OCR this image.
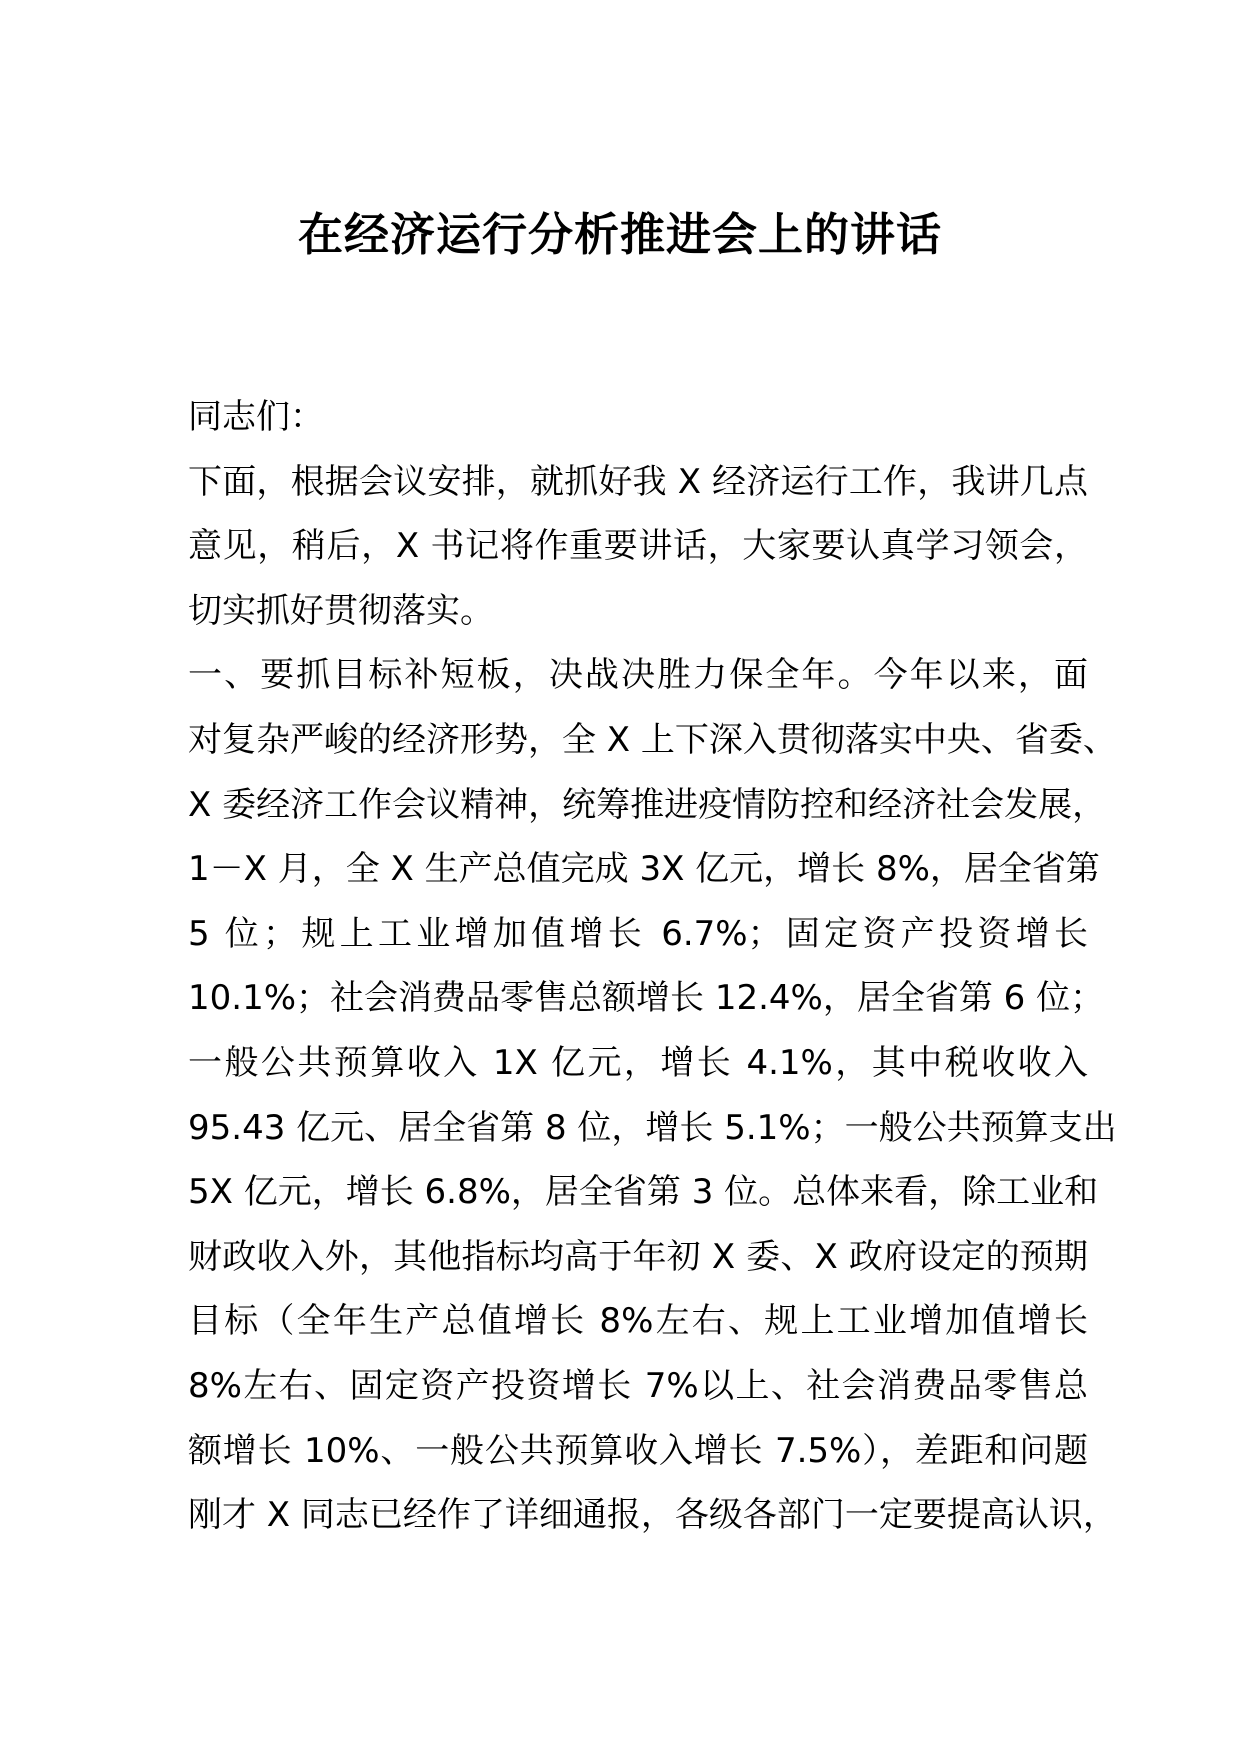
在经济运行分析推进会上的讲话
同志们：
下面，根据会议安排，就抓好我 X 经济运行工作，我讲几点
意见，稍后，X 书记将作重要讲话，大家要认真学习领会，
切实抓好贯彻落实。
一、要抓目标补短板，决战决胜力保全年。今年以来，面
对复杂严峻的经济形势，全 X 上下深入贯彻落实中央、省委、
X 委经济工作会议精神，统筹推进疫情防控和经济社会发展，
1－X 月，全 X 生产总值完成 3X 亿元，增长 8%，居全省第
5 位；规上工业增加值增长 6.7%；固定资产投资增长
10.1%；社会消费品零售总额增长 12.4%，居全省第 6 位；
一般公共预算收入 1X 亿元，增长 4.1%，其中税收收入
95.43 亿元、居全省第 8 位，增长 5.1%；一般公共预算支出
5X 亿元，增长 6.8%，居全省第 3 位。总体来看，除工业和
财政收入外，其他指标均高于年初 X 委、X 政府设定的预期
目标（全年生产总值增长 8%左右、规上工业增加值增长
8%左右、固定资产投资增长 7%以上、社会消费品零售总
额增长 10%、一般公共预算收入增长 7.5%），差距和问题
刚才 X 同志已经作了详细通报，各级各部门一定要提高认识，
